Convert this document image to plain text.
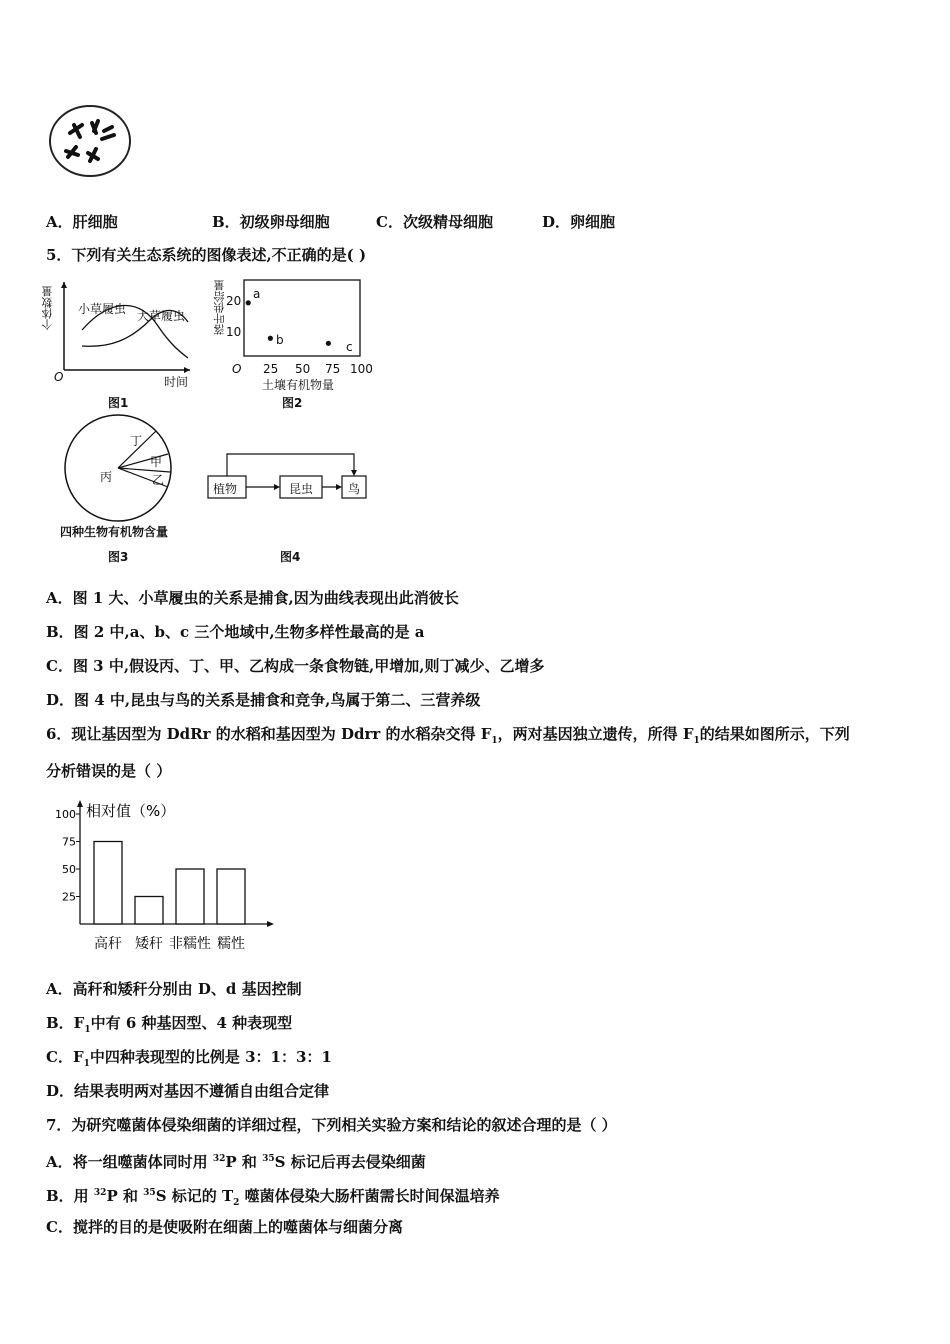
A．肝细胞	B．初级卵母细胞	C．次级精母细胞	D．卵细胞
5．下列有关生态系统的图像表述,不正确的是( )
个体数量 小草履虫 大草履虫
O	时间
图1
落叶供给量 20
10
a
b	c
O 25 50 75 100
土壤有机物量
图2
丙
丁
甲
乙
四种生物有机物含量
图3
植物	昆虫	鸟
图4
A．图 1 大、小草履虫的关系是捕食,因为曲线表现出此消彼长
B．图 2 中,a、b、c 三个地域中,生物多样性最高的是 a
C．图 3 中,假设丙、丁、甲、乙构成一条食物链,甲增加,则丁减少、乙增多
D．图 4 中,昆虫与鸟的关系是捕食和竞争,鸟属于第二、三营养级
6．现让基因型为 DdRr 的水稻和基因型为 Ddrr 的水稻杂交得 $F_1$，两对基因独立遗传，所得 $F_1$的结果如图所示，下列
分析错误的是（ ）
相对值（%）
100
75
50
25
高秆 矮秆 非糯性 糯性
A．高秆和矮秆分别由 D、d 基因控制
B．$F_1$中有 6 种基因型、4 种表现型
C．$F_1$中四种表现型的比例是 3：1：3：1
D．结果表明两对基因不遵循自由组合定律
7．为研究噬菌体侵染细菌的详细过程，下列相关实验方案和结论的叙述合理的是（ ）
A．将一组噬菌体同时用 $^{32}$P 和 $^{35}$S 标记后再去侵染细菌
B．用 $^{32}$P 和 $^{35}$S 标记的 $T_2$ 噬菌体侵染大肠杆菌需长时间保温培养
C．搅拌的目的是使吸附在细菌上的噬菌体与细菌分离
